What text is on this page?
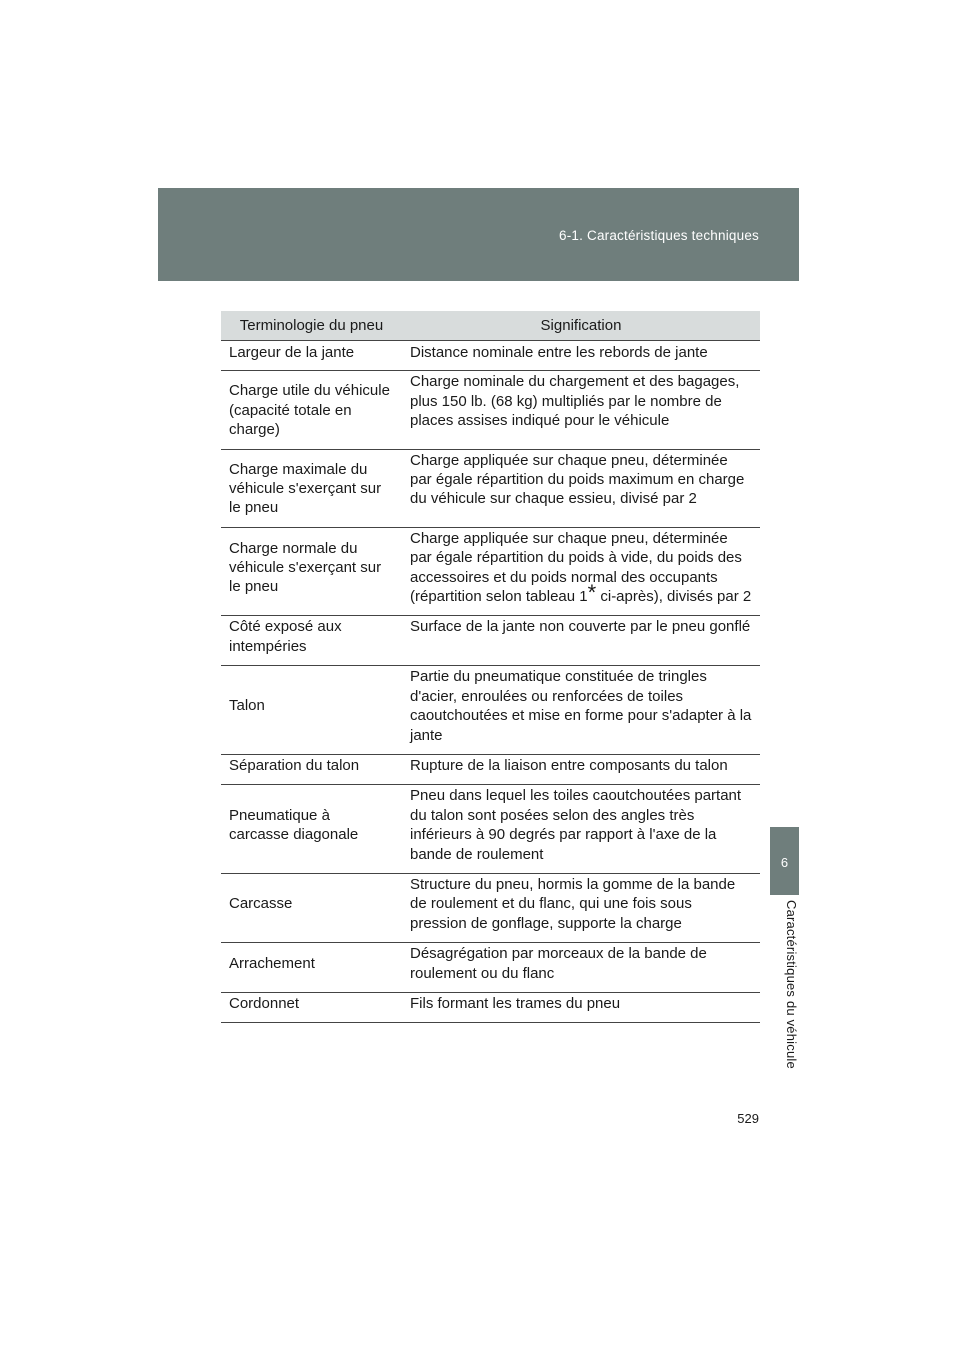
6-1. Caractéristiques techniques
6
Caractéristiques du véhicule
Terminologie du pneu	Signification
Largeur de la jante	Distance nominale entre les rebords de jante
Charge utile du véhicule (capacité totale en charge)	Charge nominale du chargement et des bagages, plus 150 lb. (68 kg) multipliés par le nombre de places assises indiqué pour le véhicule
Charge maximale du véhicule s'exerçant sur le pneu	Charge appliquée sur chaque pneu, déterminée par égale répartition du poids maximum en charge du véhicule sur chaque essieu, divisé par 2
Charge normale du véhicule s'exerçant sur le pneu	Charge appliquée sur chaque pneu, déterminée par égale répartition du poids à vide, du poids des accessoires et du poids normal des occupants (répartition selon tableau 1* ci-après), divisés par 2
Côté exposé aux intempéries	Surface de la jante non couverte par le pneu gonflé
Talon	Partie du pneumatique constituée de tringles d'acier, enroulées ou renforcées de toiles caoutchoutées et mise en forme pour s'adapter à la jante
Séparation du talon	Rupture de la liaison entre composants du talon
Pneumatique à carcasse diagonale	Pneu dans lequel les toiles caoutchoutées partant du talon sont posées selon des angles très inférieurs à 90 degrés par rapport à l'axe de la bande de roulement
Carcasse	Structure du pneu, hormis la gomme de la bande de roulement et du flanc, qui une fois sous pression de gonflage, supporte la charge
Arrachement	Désagrégation par morceaux de la bande de roulement ou du flanc
Cordonnet	Fils formant les trames du pneu
529
